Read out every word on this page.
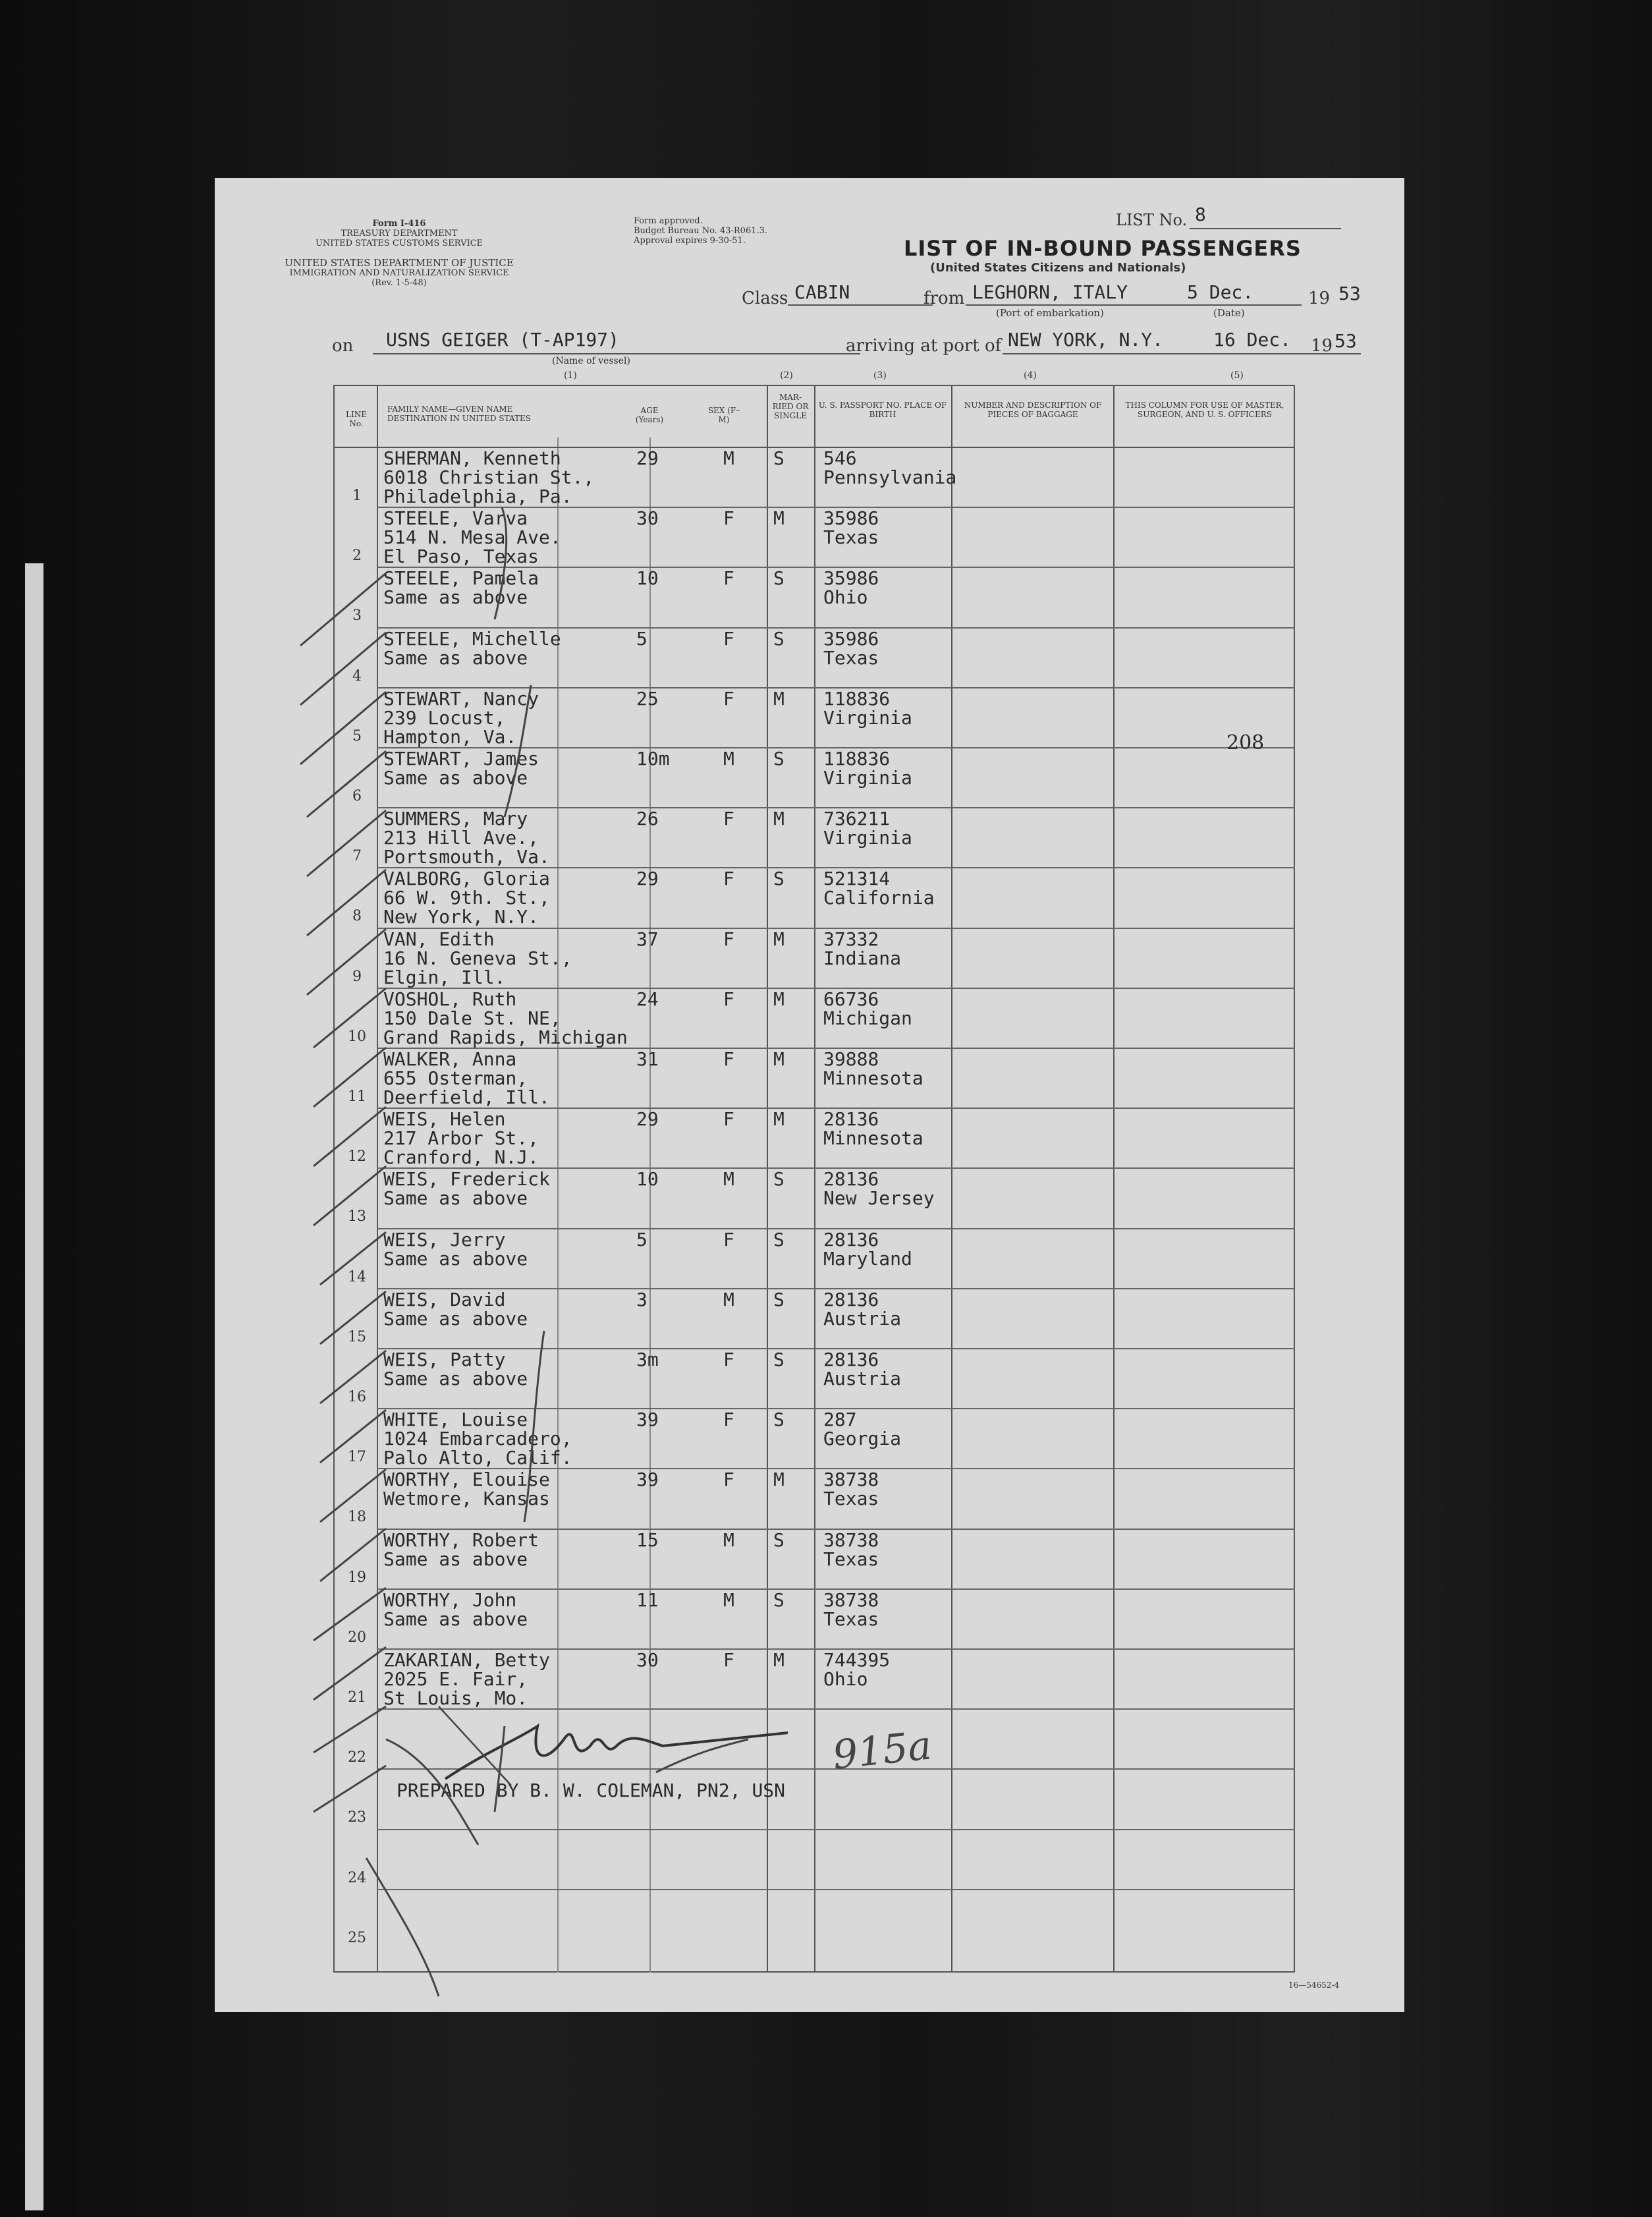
Form I-416
TREASURY DEPARTMENT
UNITED STATES CUSTOMS SERVICE
UNITED STATES DEPARTMENT OF JUSTICE
IMMIGRATION AND NATURALIZATION SERVICE
(Rev. 1-5-48)
Form approved.
Budget Bureau No. 43-R061.3.
Approval expires 9-30-51.	LIST OF IN-BOUND PASSENGERS
(United States Citizens and Nationals)
LIST No. 8
Class CABIN	from LEGHORN, ITALY
(Port of embarkation)
5 Dec.
(Date)
19 53
on USNS GEIGER (T-AP197)
(Name of vessel)
(1)
arriving at port of NEW YORK, N.Y.	16 Dec. 19 53
(2)	(3)	(4)	(5)
LINE No.
FAMILY NAME—GIVEN NAME DESTINATION IN UNITED STATES
AGE (Years)
SEX (F–M)
MAR-RIED OR SINGLE
U. S. PASSPORT NO. PLACE OF BIRTH
NUMBER AND DESCRIPTION OF PIECES OF BAGGAGE
THIS COLUMN FOR USE OF MASTER, SURGEON, AND U. S. OFFICERS
1
SHERMAN, Kenneth
6018 Christian St.,
Philadelphia, Pa.
29	M S 546
Pennsylvania
2
STEELE, Varva
514 N. Mesa Ave.
El Paso, Texas
30	F M 35986
Texas
3
STEELE, Pamela
Same as above
10	F S 35986
Ohio
4
STEELE, Michelle
Same as above
5	F S 35986
Texas
5
STEWART, Nancy
239 Locust,
Hampton, Va.
25	F M 118836
Virginia
6
STEWART, James
Same as above
10m	M S 118836
Virginia
7
SUMMERS, Mary
213 Hill Ave.,
Portsmouth, Va.
26	F M 736211
Virginia
8
VALBORG, Gloria
66 W. 9th. St.,
New York, N.Y.
29	F S 521314
California
9
VAN, Edith
16 N. Geneva St.,
Elgin, Ill.
37	F M 37332
Indiana
10
VOSHOL, Ruth
150 Dale St. NE,
Grand Rapids, Michigan
24	F M 66736
Michigan
11
WALKER, Anna
655 Osterman,
Deerfield, Ill.
31	F M 39888
Minnesota
12
WEIS, Helen
217 Arbor St.,
Cranford, N.J.
29	F M 28136
Minnesota
13
WEIS, Frederick
Same as above
10	M S 28136
New Jersey
14
WEIS, Jerry
Same as above
5	F S 28136
Maryland
15
WEIS, David
Same as above
3	M S 28136
Austria
16
WEIS, Patty
Same as above
3m	F S 28136
Austria
17
WHITE, Louise
1024 Embarcadero,
Palo Alto, Calif.
39	F S 287
Georgia
18
WORTHY, Elouise
Wetmore, Kansas
39	F M 38738
Texas
19
WORTHY, Robert
Same as above
15	M S 38738
Texas
20
WORTHY, John
Same as above
11	M S 38738
Texas
21
ZAKARIAN, Betty
2025 E. Fair,
St Louis, Mo.
30	F M 744395
Ohio
22
23
24
25
208
PREPARED BY B. W. COLEMAN, PN2, USN
915a
16—54652-4
